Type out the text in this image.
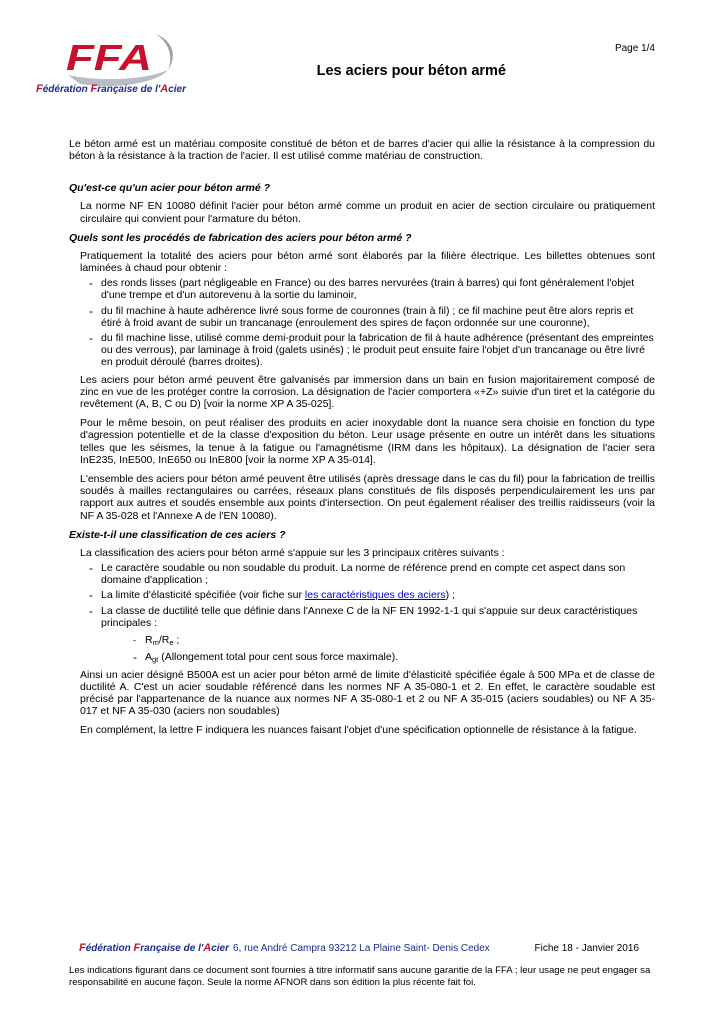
FFA
Fédération Française de l'Acier
Page 1/4
Les aciers pour béton armé

Le béton armé est un matériau composite constitué de béton et de barres d'acier qui allie la résistance à la compression du béton à la résistance à la traction de l'acier. Il est utilisé comme matériau de construction.

Qu'est-ce qu'un acier pour béton armé ?

La norme NF EN 10080 définit l'acier pour béton armé comme un produit en acier de section circulaire ou pratiquement circulaire qui convient pour l'armature du béton.

Quels sont les procédés de fabrication des aciers pour béton armé ?

Pratiquement la totalité des aciers pour béton armé sont élaborés par la filière électrique. Les billettes obtenues sont laminées à chaud pour obtenir :

- des ronds lisses (part négligeable en France) ou des barres nervurées (train à barres) qui font généralement l'objet d'une trempe et d'un autorevenu à la sortie du laminoir,
- du fil machine à haute adhérence livré sous forme de couronnes (train à fil) ; ce fil machine peut être alors repris et étiré à froid avant de subir un trancanage (enroulement des spires de façon ordonnée sur une couronne),
- du fil machine lisse, utilisé comme demi-produit pour la fabrication de fil à haute adhérence (présentant des empreintes ou des verrous), par laminage à froid (galets usinés) ; le produit peut ensuite faire l'objet d'un trancanage ou être livré en produit déroulé (barres droites).

Les aciers pour béton armé peuvent être galvanisés par immersion dans un bain en fusion majoritairement composé de zinc en vue de les protéger contre la corrosion. La désignation de l'acier comportera «+Z» suivie d'un tiret et la catégorie du revêtement (A, B, C ou D) [voir la norme XP A 35-025].

Pour le même besoin, on peut réaliser des produits en acier inoxydable dont la nuance sera choisie en fonction du type d'agression potentielle et de la classe d'exposition du béton. Leur usage présente en outre un intérêt dans les situations telles que les séismes, la tenue à la fatigue ou l'amagnétisme (IRM dans les hôpitaux). La désignation de l'acier sera InE235, InE500, InE650 ou InE800 [voir la norme XP A 35-014].

L'ensemble des aciers pour béton armé peuvent être utilisés (après dressage dans le cas du fil) pour la fabrication de treillis soudés à mailles rectangulaires ou carrées, réseaux plans constitués de fils disposés perpendiculairement les uns par rapport aux autres et soudés ensemble aux points d'intersection. On peut également réaliser des treillis raidisseurs (voir la NF A 35-028 et l'Annexe A de l'EN 10080).

Existe-t-il une classification de ces aciers ?

La classification des aciers pour béton armé s'appuie sur les 3 principaux critères suivants :

- Le caractère soudable ou non soudable du produit. La norme de référence prend en compte cet aspect dans son domaine d'application ;
- La limite d'élasticité spécifiée (voir fiche sur les caractéristiques des aciers) ;
- La classe de ductilité telle que définie dans l'Annexe C de la NF EN 1992-1-1 qui s'appuie sur deux caractéristiques principales :
- $R_m/R_e$ ;
- $A_{gt}$ (Allongement total pour cent sous force maximale).

Ainsi un acier désigné B500A est un acier pour béton armé de limite d'élasticité spécifiée égale à 500 MPa et de classe de ductilité A. C'est un acier soudable référencé dans les normes NF A 35-080-1 et 2. En effet, le caractère soudable est précisé par l'appartenance de la nuance aux normes NF A 35-080-1 et 2 ou NF A 35-015 (aciers soudables) ou NF A 35-017 et NF A 35-030 (aciers non soudables)

En complément, la lettre F indiquera les nuances faisant l'objet d'une spécification optionnelle de résistance à la fatigue.

Fédération Française de l'Acier 6, rue André Campra 93212 La Plaine Saint- Denis Cedex	Fiche 18 - Janvier 2016

Les indications figurant dans ce document sont fournies à titre informatif sans aucune garantie de la FFA ; leur usage ne peut engager sa responsabilité en aucune façon. Seule la norme AFNOR dans son édition la plus récente fait foi.
